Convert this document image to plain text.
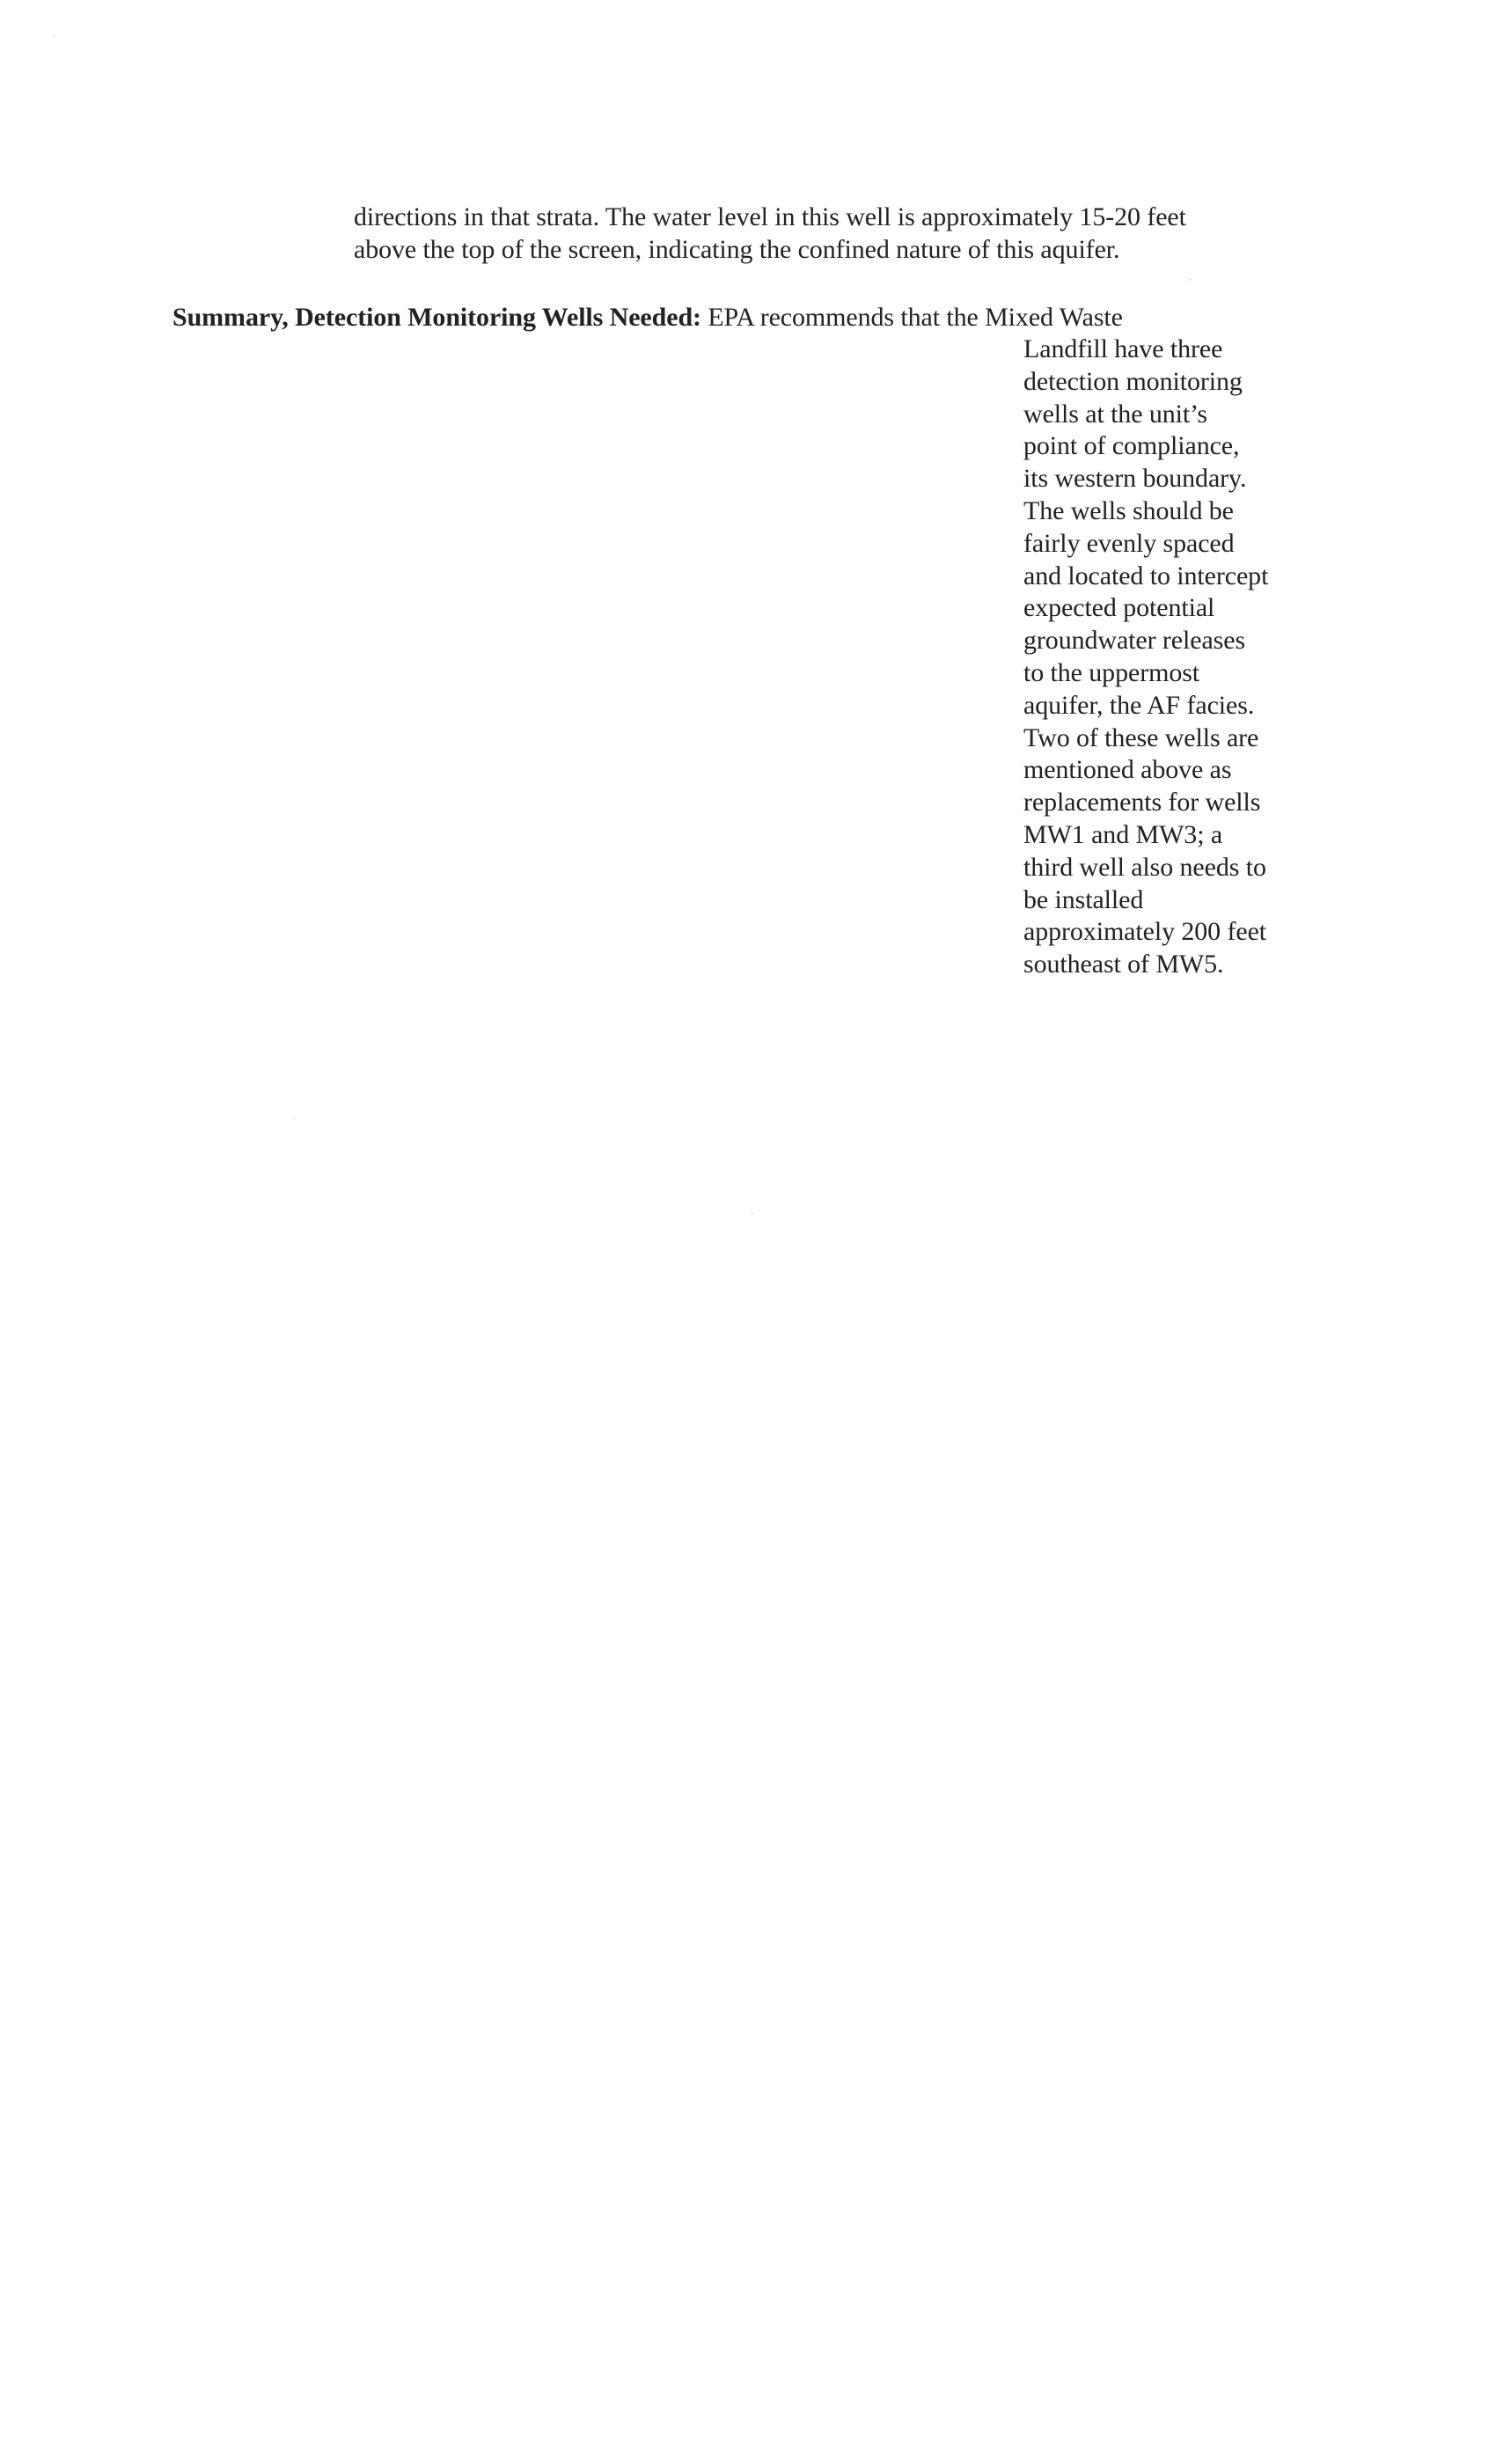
directions in that strata. The water level in this well is approximately 15-20 feet
above the top of the screen, indicating the confined nature of this aquifer.
Summary, Detection Monitoring Wells Needed: EPA recommends that the Mixed Waste
Landfill have three
detection monitoring
wells at the unit’s
point of compliance,
its western boundary.
The wells should be
fairly evenly spaced
and located to intercept
expected potential
groundwater releases
to the uppermost
aquifer, the AF facies.
Two of these wells are
mentioned above as
replacements for wells
MW1 and MW3; a
third well also needs to
be installed
approximately 200 feet
southeast of MW5.
